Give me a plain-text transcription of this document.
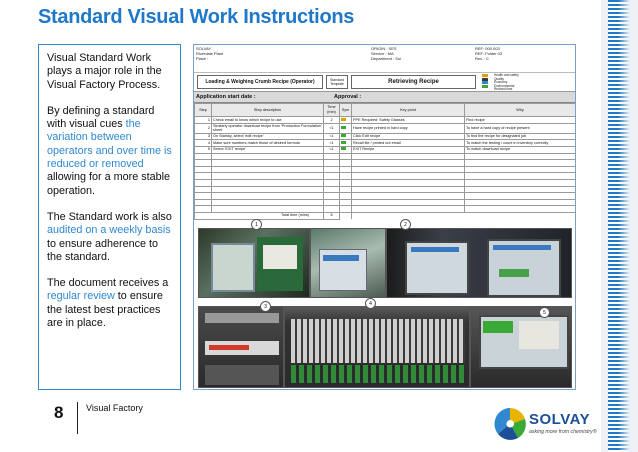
Standard Visual Work Instructions

Visual Standard Work plays a major role in the Visual Factory Process.

By defining a standard with visual cues the variation between operators and over time is reduced or removed allowing for a more stable operation.

The Standard work is also audited on a weekly basis to ensure adherence to the standard.

The document receives a regular review to ensure the latest best practices are in place.

SOLVAY
Riverdale Plant
Place :
ORIGIN : SES
Service : MA
Department : Sul
REF: 000 003
REF: Folder 03
Rev. : 0
Loading & Weighing Crumb Recipe (Operator)	Standard Template	Retrieving Recipe
Health and safety
Quality
Economy
Environmental
Revised time
Application start date :	Approval :
Step	Step description	Time (min)	Sym	Key point	Why
1	Check email to know which recipe to use	2		PPE Required: Safety Glasses	Find recipe
2	Similarly operator download recipe from 'Production Formulation' sheet	<1		Have recipe printed in hard copy	To have a hard copy of recipe present
3	On Starsky, select 'edit recipe'	<1		Click Edit recipe	To find the recipe for designated job
4	Make sure numbers match those of desired formula	<1		Recall file / printed out email	To match the testing / count in inventory correctly
5	Select 'EXIT recipe'	<1		EXIT Recipe	To match download recipe

Total time (mins)		6			
1	2
3	4
5
8	Visual Factory
SOLVAY
asking more from chemistry®
